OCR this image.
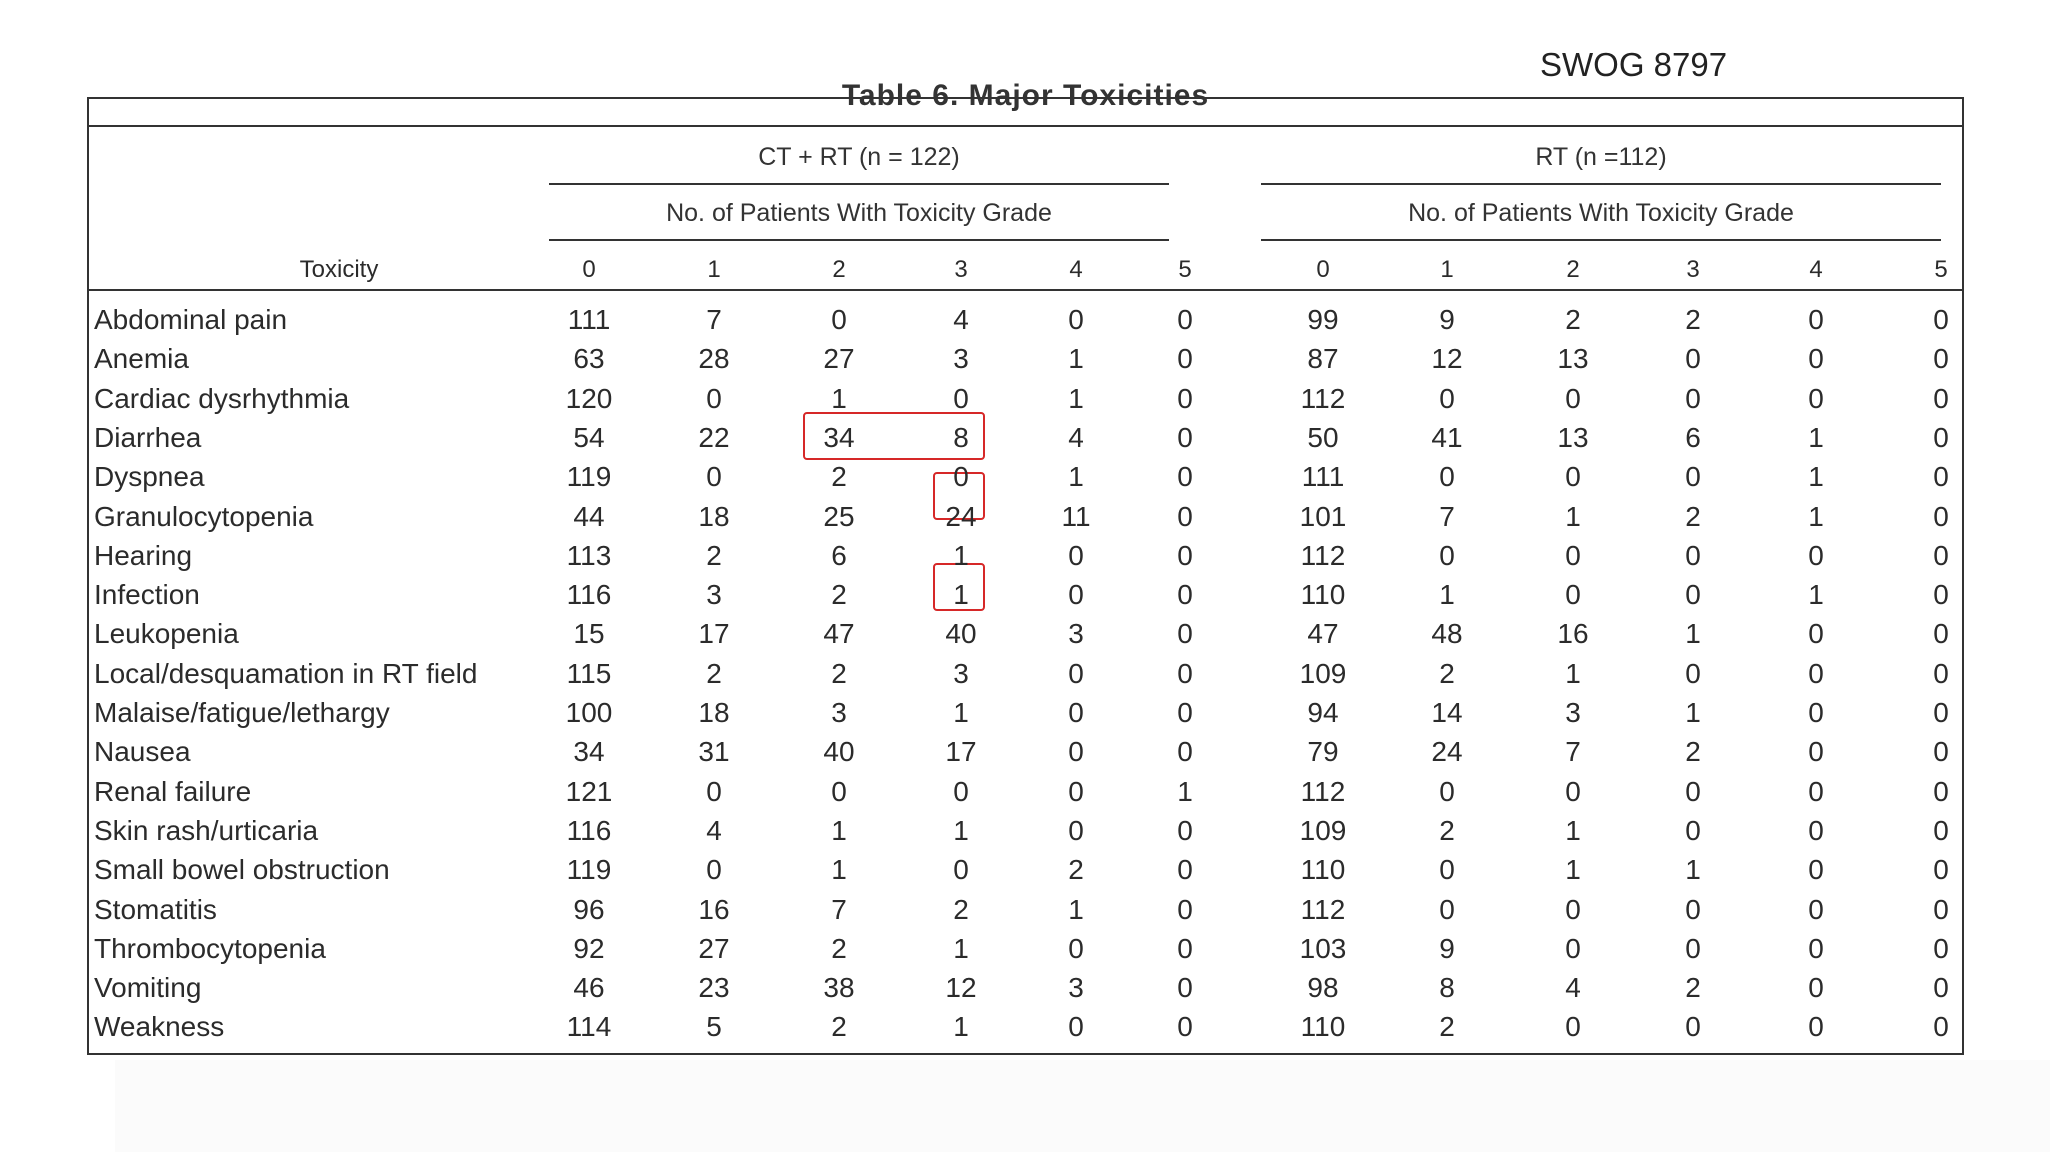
SWOG 8797
Table 6. Major Toxicities
CT + RT (n = 122)
No. of Patients With Toxicity Grade
RT (n =112)
No. of Patients With Toxicity Grade
Toxicity	0	1	2	3	4	5	0	1	2	3	4	5
Abdominal pain	111	7	0	4	0	0	99	9	2	2	0	0
Anemia	63	28	27	3	1	0	87	12	13	0	0	0
Cardiac dysrhythmia	120	0	1	0	1	0	112	0	0	0	0	0
Diarrhea	54	22	34	8	4	0	50	41	13	6	1	0
Dyspnea	119	0	2	0	1	0	111	0	0	0	1	0
Granulocytopenia	44	18	25	24	11	0	101	7	1	2	1	0
Hearing	113	2	6	1	0	0	112	0	0	0	0	0
Infection	116	3	2	1	0	0	110	1	0	0	1	0
Leukopenia	15	17	47	40	3	0	47	48	16	1	0	0
Local/desquamation in RT field	115	2	2	3	0	0	109	2	1	0	0	0
Malaise/fatigue/lethargy	100	18	3	1	0	0	94	14	3	1	0	0
Nausea	34	31	40	17	0	0	79	24	7	2	0	0
Renal failure	121	0	0	0	0	1	112	0	0	0	0	0
Skin rash/urticaria	116	4	1	1	0	0	109	2	1	0	0	0
Small bowel obstruction	119	0	1	0	2	0	110	0	1	1	0	0
Stomatitis	96	16	7	2	1	0	112	0	0	0	0	0
Thrombocytopenia	92	27	2	1	0	0	103	9	0	0	0	0
Vomiting	46	23	38	12	3	0	98	8	4	2	0	0
Weakness	114	5	2	1	0	0	110	2	0	0	0	0
